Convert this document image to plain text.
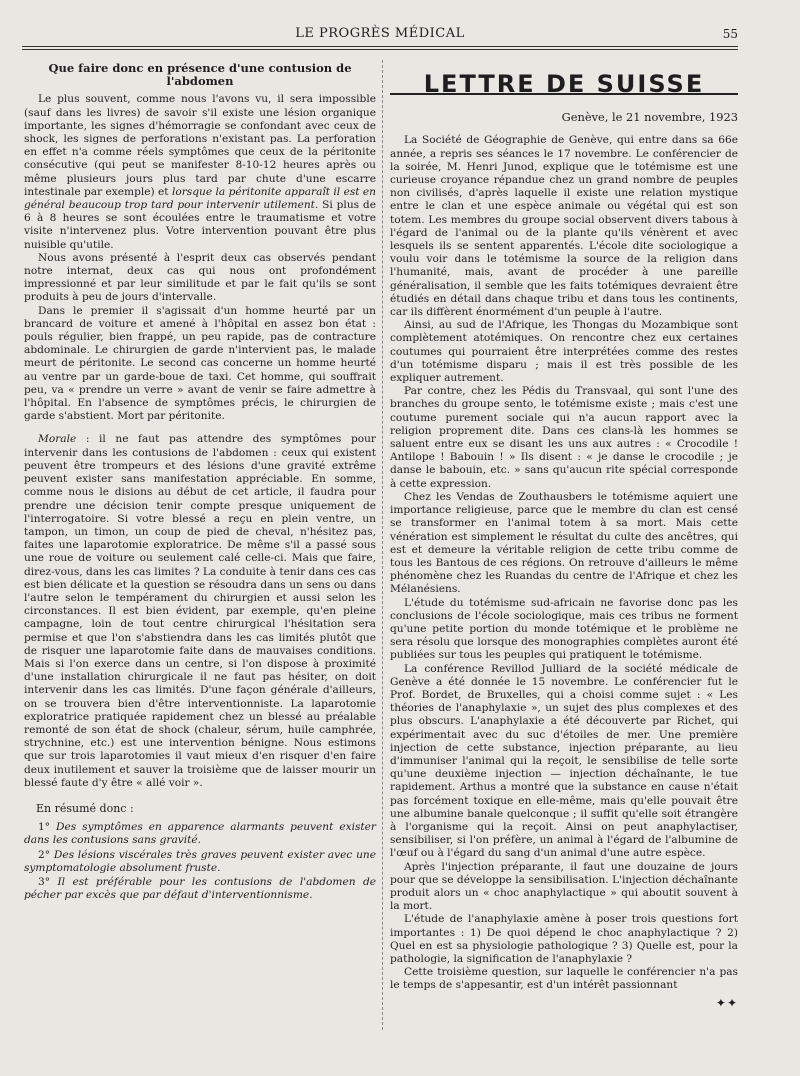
LE PROGRÈS MÉDICAL	55
Que faire donc en présence d'une contusion de l'abdomen

Le plus souvent, comme nous l'avons vu, il sera impossible (sauf dans les livres) de savoir s'il existe une lésion organique importante, les signes d'hémorragie se confondant avec ceux de shock, les signes de perforations n'existant pas. La perforation en effet n'a comme réels symptômes que ceux de la péritonite consécutive (qui peut se manifester 8-10-12 heures après ou même plusieurs jours plus tard par chute d'une escarre intestinale par exemple) et lorsque la péritonite apparaît il est en général beaucoup trop tard pour intervenir utilement. Si plus de 6 à 8 heures se sont écoulées entre le traumatisme et votre visite n'intervenez plus. Votre intervention pouvant être plus nuisible qu'utile.

Nous avons présenté à l'esprit deux cas observés pendant notre internat, deux cas qui nous ont profondément impressionné et par leur similitude et par le fait qu'ils se sont produits à peu de jours d'intervalle.

Dans le premier il s'agissait d'un homme heurté par un brancard de voiture et amené à l'hôpital en assez bon état : pouls régulier, bien frappé, un peu rapide, pas de contracture abdominale. Le chirurgien de garde n'intervient pas, le malade meurt de péritonite. Le second cas concerne un homme heurté au ventre par un garde-boue de taxi. Cet homme, qui souffrait peu, va « prendre un verre » avant de venir se faire admettre à l'hôpital. En l'absence de symptômes précis, le chirurgien de garde s'abstient. Mort par péritonite.

Morale : il ne faut pas attendre des symptômes pour intervenir dans les contusions de l'abdomen : ceux qui existent peuvent être trompeurs et des lésions d'une gravité extrême peuvent exister sans manifestation appréciable. En somme, comme nous le disions au début de cet article, il faudra pour prendre une décision tenir compte presque uniquement de l'interrogatoire. Si votre blessé a reçu en plein ventre, un tampon, un timon, un coup de pied de cheval, n'hésitez pas, faites une laparotomie exploratrice. De même s'il a passé sous une roue de voiture ou seulement calé celle-ci. Mais que faire, direz-vous, dans les cas limites ? La conduite à tenir dans ces cas est bien délicate et la question se résoudra dans un sens ou dans l'autre selon le tempérament du chirurgien et aussi selon les circonstances. Il est bien évident, par exemple, qu'en pleine campagne, loin de tout centre chirurgical l'hésitation sera permise et que l'on s'abstiendra dans les cas limités plutôt que de risquer une laparotomie faite dans de mauvaises conditions. Mais si l'on exerce dans un centre, si l'on dispose à proximité d'une installation chirurgicale il ne faut pas hésiter, on doit intervenir dans les cas limités. D'une façon générale d'ailleurs, on se trouvera bien d'être interventionniste. La laparotomie exploratrice pratiquée rapidement chez un blessé au préalable remonté de son état de shock (chaleur, sérum, huile camphrée, strychnine, etc.) est une intervention bénigne. Nous estimons que sur trois laparotomies il vaut mieux d'en risquer d'en faire deux inutilement et sauver la troisième que de laisser mourir un blessé faute d'y être « allé voir ».

En résumé donc :

1° Des symptômes en apparence alarmants peuvent exister dans les contusions sans gravité.

2° Des lésions viscérales très graves peuvent exister avec une symptomatologie absolument fruste.

3° Il est préférable pour les contusions de l'abdomen de pécher par excès que par défaut d'interventionnisme.

LETTRE DE SUISSE
Genève, le 21 novembre, 1923

La Société de Géographie de Genève, qui entre dans sa 66e année, a repris ses séances le 17 novembre. Le conférencier de la soirée, M. Henri Junod, explique que le totémisme est une curieuse croyance répandue chez un grand nombre de peuples non civilisés, d'après laquelle il existe une relation mystique entre le clan et une espèce animale ou végétal qui est son totem. Les membres du groupe social observent divers tabous à l'égard de l'animal ou de la plante qu'ils vénèrent et avec lesquels ils se sentent apparentés. L'école dite sociologique a voulu voir dans le totémisme la source de la religion dans l'humanité, mais, avant de procéder à une pareille généralisation, il semble que les faits totémiques devraient être étudiés en détail dans chaque tribu et dans tous les continents, car ils diffèrent énormément d'un peuple à l'autre.

Ainsi, au sud de l'Afrique, les Thongas du Mozambique sont complètement atotémiques. On rencontre chez eux certaines coutumes qui pourraient être interprétées comme des restes d'un totémisme disparu ; mais il est très possible de les expliquer autrement.

Par contre, chez les Pédis du Transvaal, qui sont l'une des branches du groupe sento, le totémisme existe ; mais c'est une coutume purement sociale qui n'a aucun rapport avec la religion proprement dite. Dans ces clans-là les hommes se saluent entre eux se disant les uns aux autres : « Crocodile ! Antilope ! Babouin ! » Ils disent : « je danse le crocodile ; je danse le babouin, etc. » sans qu'aucun rite spécial corresponde à cette expression.

Chez les Vendas de Zouthausbers le totémisme aquiert une importance religieuse, parce que le membre du clan est censé se transformer en l'animal totem à sa mort. Mais cette vénération est simplement le résultat du culte des ancêtres, qui est et demeure la véritable religion de cette tribu comme de tous les Bantous de ces régions. On retrouve d'ailleurs le même phénomène chez les Ruandas du centre de l'Afrique et chez les Mélanésiens.

L'étude du totémisme sud-africain ne favorise donc pas les conclusions de l'école sociologique, mais ces tribus ne forment qu'une petite portion du monde totémique et le problème ne sera résolu que lorsque des monographies complètes auront été publiées sur tous les peuples qui pratiquent le totémisme.

La conférence Revillod Julliard de la société médicale de Genève a été donnée le 15 novembre. Le conférencier fut le Prof. Bordet, de Bruxelles, qui a choisi comme sujet : « Les théories de l'anaphylaxie », un sujet des plus complexes et des plus obscurs. L'anaphylaxie a été découverte par Richet, qui expérimentait avec du suc d'étoiles de mer. Une première injection de cette substance, injection préparante, au lieu d'immuniser l'animal qui la reçoit, le sensibilise de telle sorte qu'une deuxième injection — injection déchaînante, le tue rapidement. Arthus a montré que la substance en cause n'était pas forcément toxique en elle-même, mais qu'elle pouvait être une albumine banale quelconque ; il suffit qu'elle soit étrangère à l'organisme qui la reçoit. Ainsi on peut anaphylactiser, sensibiliser, si l'on préfère, un animal à l'égard de l'albumine de l'œuf ou à l'égard du sang d'un animal d'une autre espèce.

Après l'injection préparante, il faut une douzaine de jours pour que se développe la sensibilisation. L'injection déchaînante produit alors un « choc anaphylactique » qui aboutit souvent à la mort.

L'étude de l'anaphylaxie amène à poser trois questions fort importantes : 1) De quoi dépend le choc anaphylactique ? 2) Quel en est sa physiologie pathologique ? 3) Quelle est, pour la pathologie, la signification de l'anaphylaxie ?

Cette troisième question, sur laquelle le conférencier n'a pas le temps de s'appesantir, est d'un intérêt passionnant

✦✦
